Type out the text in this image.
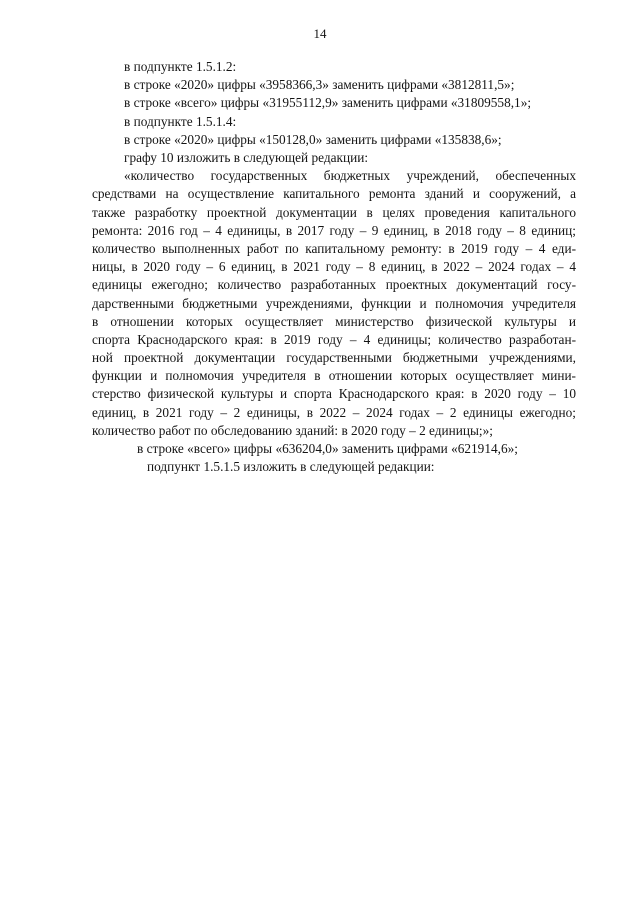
14

в подпункте 1.5.1.2:

в строке «2020» цифры «3958366,3» заменить цифрами «3812811,5»;

в строке «всего» цифры «31955112,9» заменить цифрами «31809558,1»;

в подпункте 1.5.1.4:

в строке «2020» цифры «150128,0» заменить цифрами «135838,6»;

графу 10 изложить в следующей редакции:

«количество государственных бюджетных учреждений, обеспеченных
средствами на осуществление капитального ремонта зданий и сооружений, а
также разработку проектной документации в целях проведения капитального
ремонта: 2016 год – 4 единицы, в 2017 году – 9 единиц, в 2018 году – 8 единиц;
количество выполненных работ по капитальному ремонту: в 2019 году – 4 еди-
ницы, в 2020 году – 6 единиц, в 2021 году – 8 единиц, в 2022 – 2024 годах – 4
единицы ежегодно; количество разработанных проектных документаций госу-
дарственными бюджетными учреждениями, функции и полномочия учредителя
в отношении которых осуществляет министерство физической культуры и
спорта Краснодарского края: в 2019 году – 4 единицы; количество разработан-
ной проектной документации государственными бюджетными учреждениями,
функции и полномочия учредителя в отношении которых осуществляет мини-
стерство физической культуры и спорта Краснодарского края: в 2020 году – 10
единиц, в 2021 году – 2 единицы, в 2022 – 2024 годах – 2 единицы ежегодно;
количество работ по обследованию зданий: в 2020 году – 2 единицы;»;

в строке «всего» цифры «636204,0» заменить цифрами «621914,6»;

подпункт 1.5.1.5 изложить в следующей редакции:
